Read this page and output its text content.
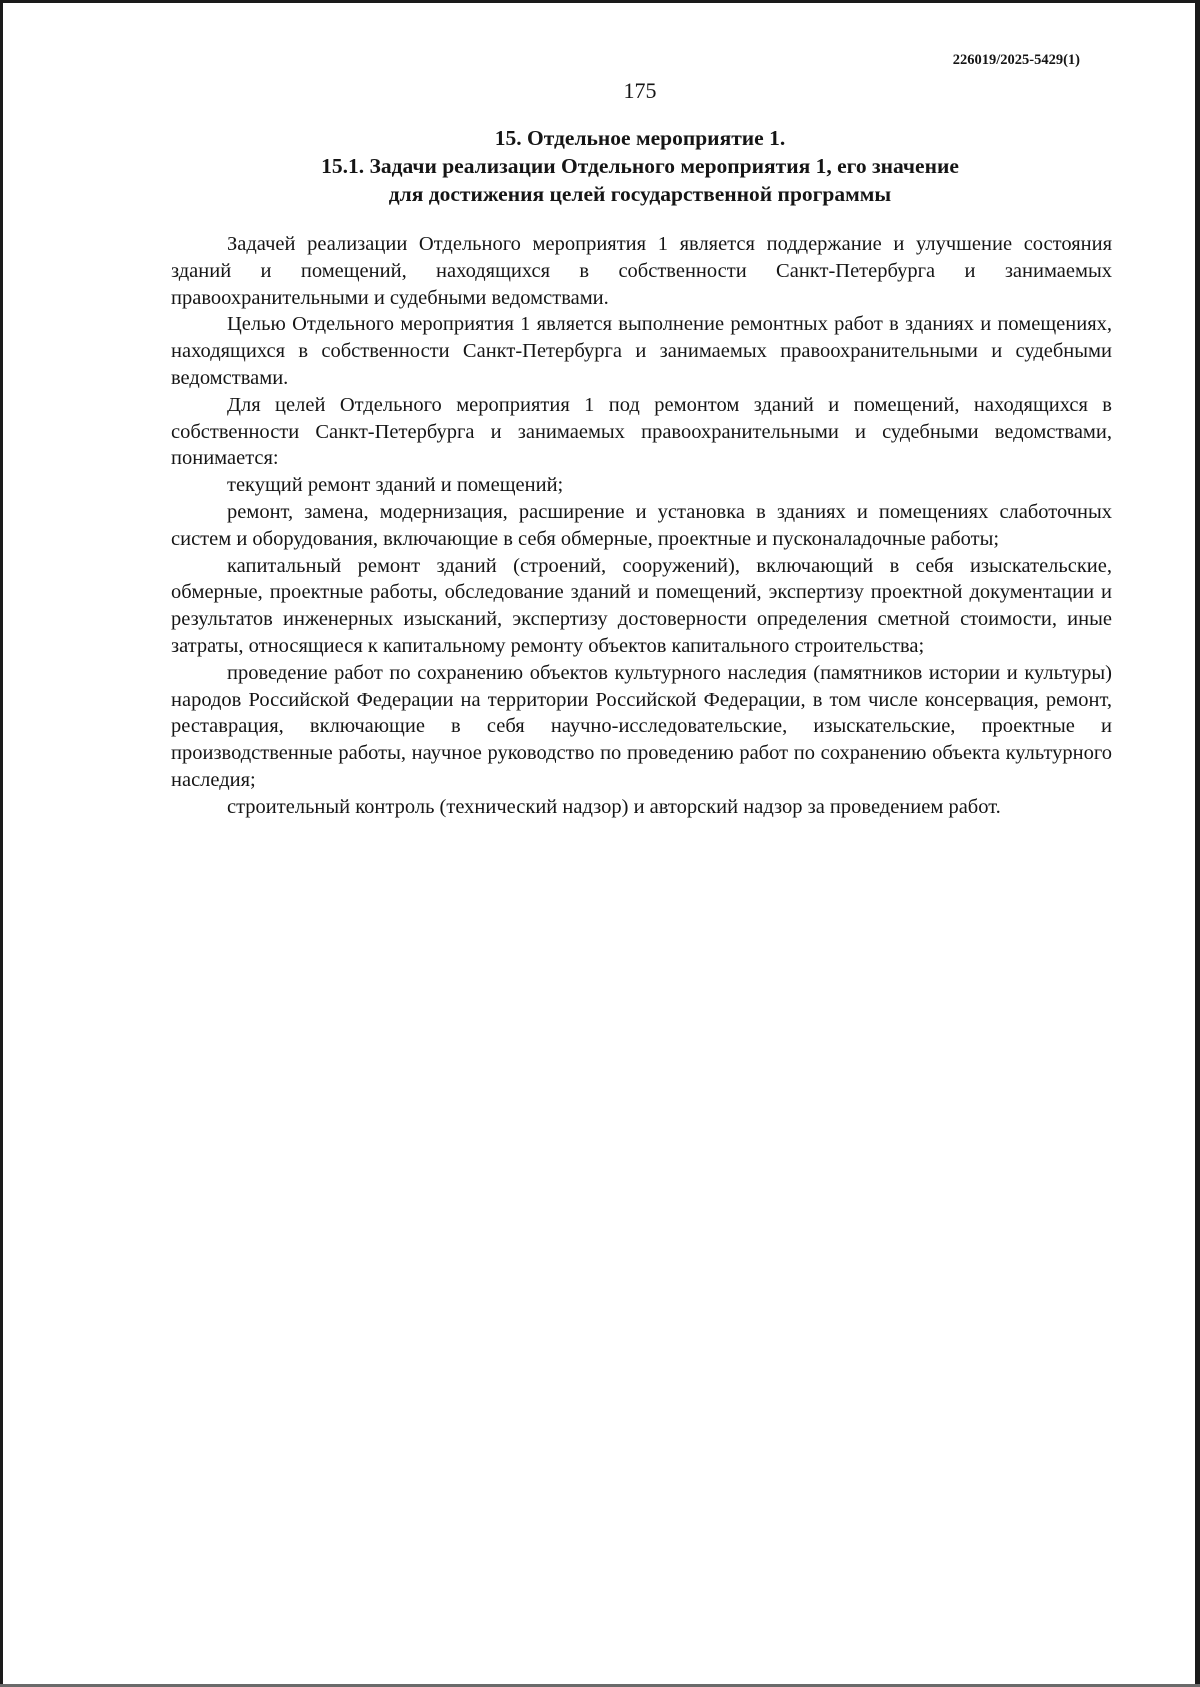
226019/2025-5429(1)
175
15. Отдельное мероприятие 1.
15.1. Задачи реализации Отдельного мероприятия 1, его значение
для достижения целей государственной программы

Задачей реализации Отдельного мероприятия 1 является поддержание и улучшение состояния зданий и помещений, находящихся в собственности Санкт-Петербурга и занимаемых правоохранительными и судебными ведомствами.

Целью Отдельного мероприятия 1 является выполнение ремонтных работ в зданиях и помещениях, находящихся в собственности Санкт-Петербурга и занимаемых правоохранительными и судебными ведомствами.

Для целей Отдельного мероприятия 1 под ремонтом зданий и помещений, находящихся в собственности Санкт-Петербурга и занимаемых правоохранительными и судебными ведомствами, понимается:

текущий ремонт зданий и помещений;

ремонт, замена, модернизация, расширение и установка в зданиях и помещениях слаботочных систем и оборудования, включающие в себя обмерные, проектные и пусконаладочные работы;

капитальный ремонт зданий (строений, сооружений), включающий в себя изыскательские, обмерные, проектные работы, обследование зданий и помещений, экспертизу проектной документации и результатов инженерных изысканий, экспертизу достоверности определения сметной стоимости, иные затраты, относящиеся к капитальному ремонту объектов капитального строительства;

проведение работ по сохранению объектов культурного наследия (памятников истории и культуры) народов Российской Федерации на территории Российской Федерации, в том числе консервация, ремонт, реставрация, включающие в себя научно-исследовательские, изыскательские, проектные и производственные работы, научное руководство по проведению работ по сохранению объекта культурного наследия;

строительный контроль (технический надзор) и авторский надзор за проведением работ.
